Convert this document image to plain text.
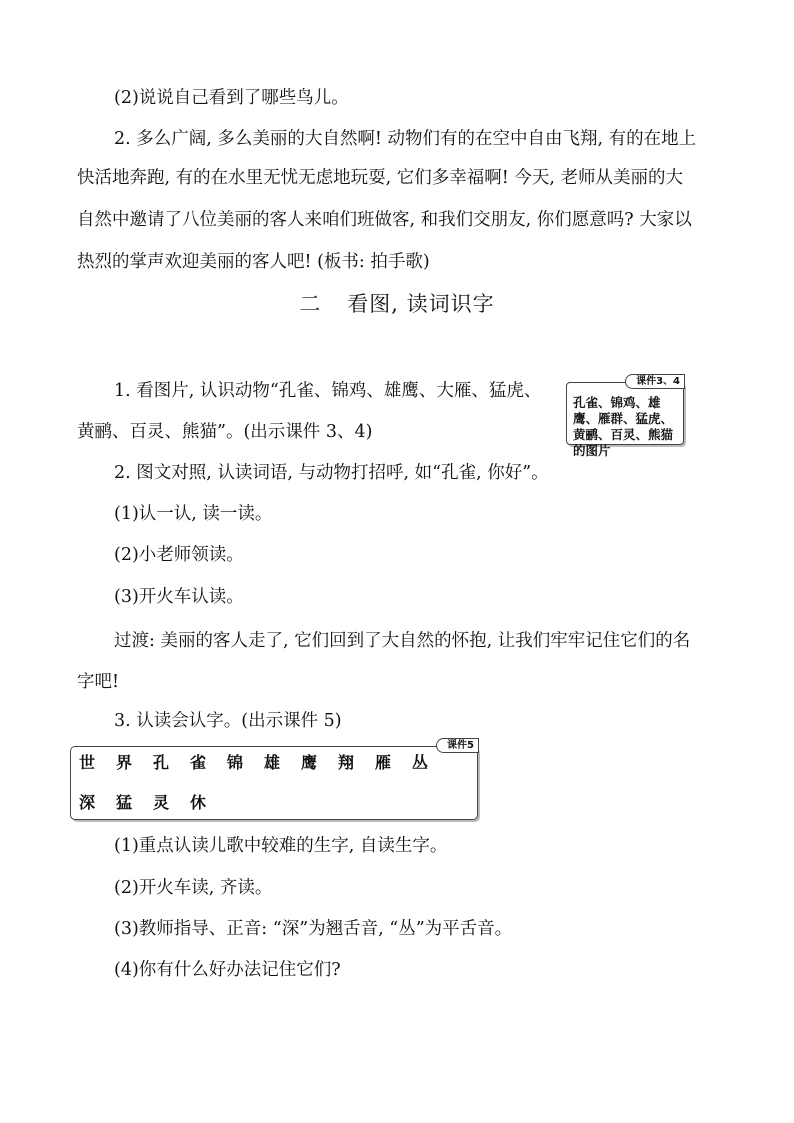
(2)说说自己看到了哪些鸟儿。
2. 多么广阔, 多么美丽的大自然啊! 动物们有的在空中自由飞翔, 有的在地上
快活地奔跑, 有的在水里无忧无虑地玩耍, 它们多幸福啊! 今天, 老师从美丽的大
自然中邀请了八位美丽的客人来咱们班做客, 和我们交朋友, 你们愿意吗? 大家以
热烈的掌声欢迎美丽的客人吧! (板书: 拍手歌)
二 看图, 读词识字
1. 看图片, 认识动物“孔雀、锦鸡、雄鹰、大雁、猛虎、
黄鹂、百灵、熊猫”。(出示课件 3、4)
课件3、4
孔雀、锦鸡、雄鹰、雁群、猛虎、黄鹂、百灵、熊猫的图片
2. 图文对照, 认读词语, 与动物打招呼, 如“孔雀, 你好”。
(1)认一认, 读一读。
(2)小老师领读。
(3)开火车认读。
过渡: 美丽的客人走了, 它们回到了大自然的怀抱, 让我们牢牢记住它们的名
字吧!
3. 认读会认字。(出示课件 5)
课件5
世	界	孔	雀	锦	雄	鹰	翔	雁	丛
深	猛	灵	休
(1)重点认读儿歌中较难的生字, 自读生字。
(2)开火车读, 齐读。
(3)教师指导、正音: “深”为翘舌音, “丛”为平舌音。
(4)你有什么好办法记住它们?
